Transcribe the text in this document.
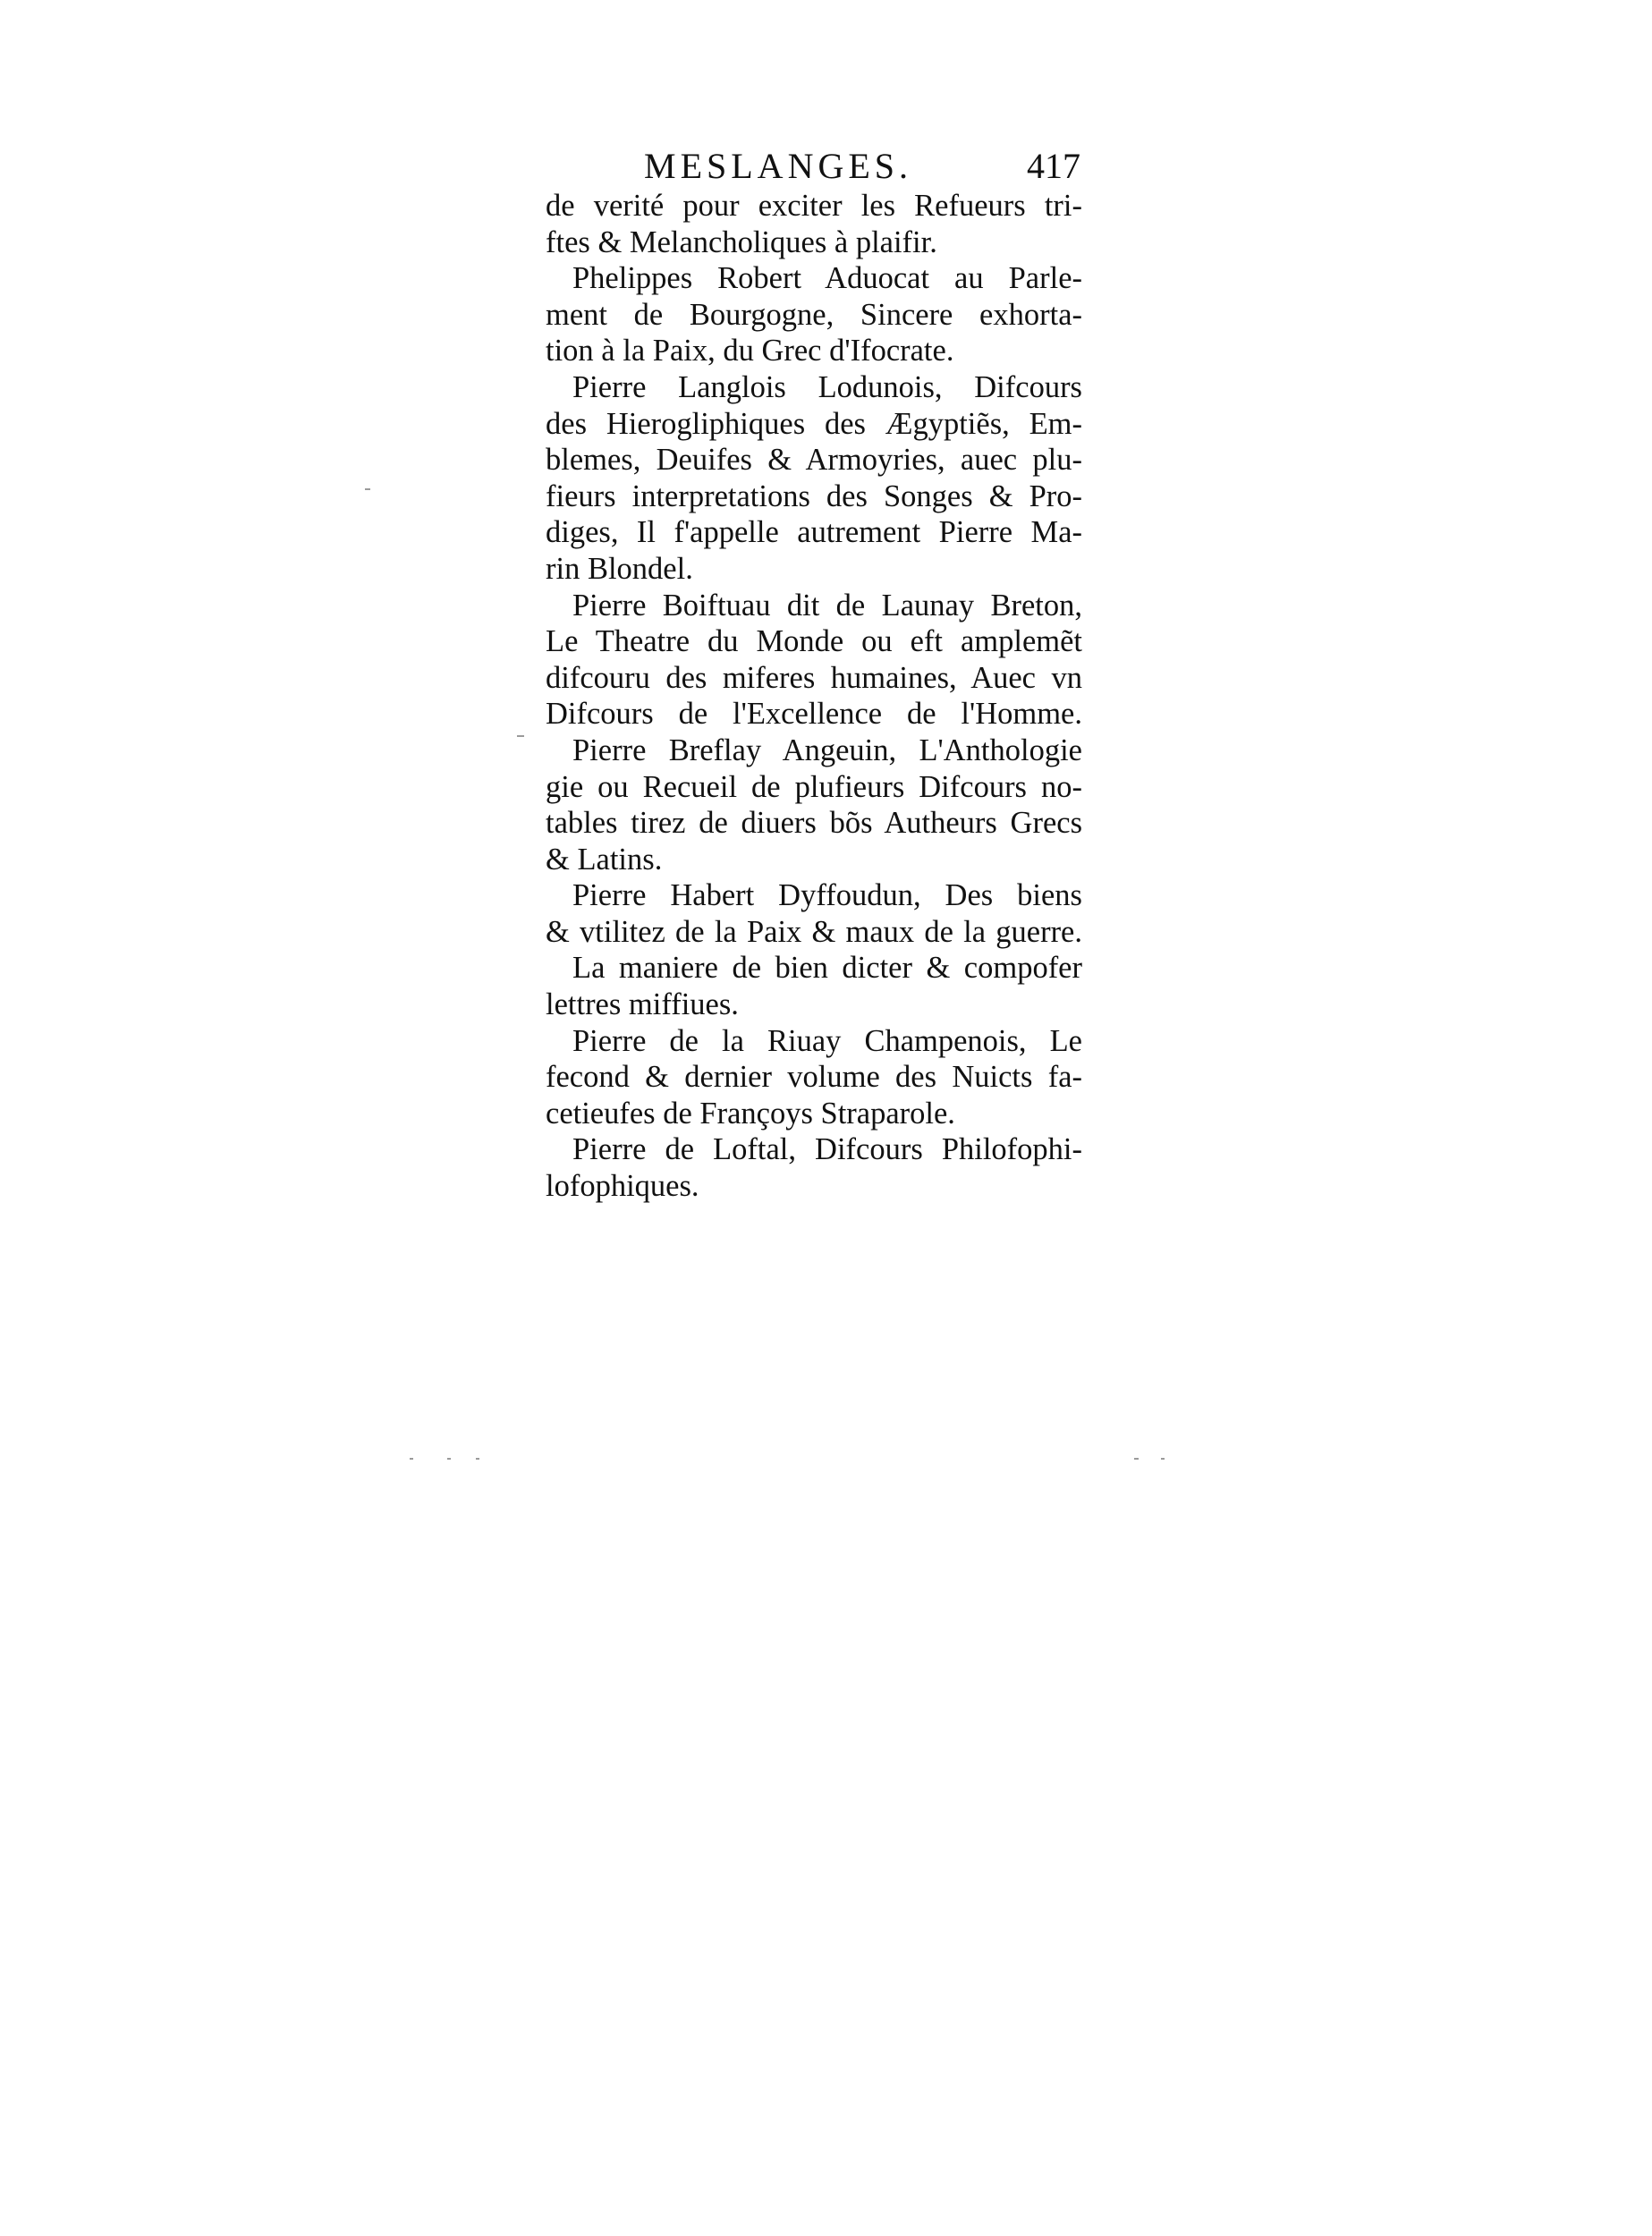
MESLANGES.	417
de verité pour exciter les Refueurs tri-
ftes & Melancholiques à plaifir.
Phelippes Robert Aduocat au Parle-
ment de Bourgogne, Sincere exhorta-
tion à la Paix, du Grec d'Ifocrate.
Pierre Langlois Lodunois, Difcours
des Hierogliphiques des Ægyptiẽs, Em-
blemes, Deuifes & Armoyries, auec plu-
fieurs interpretations des Songes & Pro-
diges, Il f'appelle autrement Pierre Ma-
rin Blondel.
Pierre Boiftuau dit de Launay Breton,
Le Theatre du Monde ou eft amplemẽt
difcouru des miferes humaines, Auec vn
Difcours de l'Excellence de l'Homme.
Pierre Breflay Angeuin, L'Anthologie
gie ou Recueil de plufieurs Difcours no-
tables tirez de diuers bõs Autheurs Grecs
& Latins.
Pierre Habert Dyffoudun, Des biens
& vtilitez de la Paix & maux de la guerre.
La maniere de bien dicter & compofer
lettres miffiues.
Pierre de la Riuay Champenois, Le
fecond & dernier volume des Nuicts fa-
cetieufes de Françoys Straparole.
Pierre de Loftal, Difcours Philofophi-
lofophiques.
